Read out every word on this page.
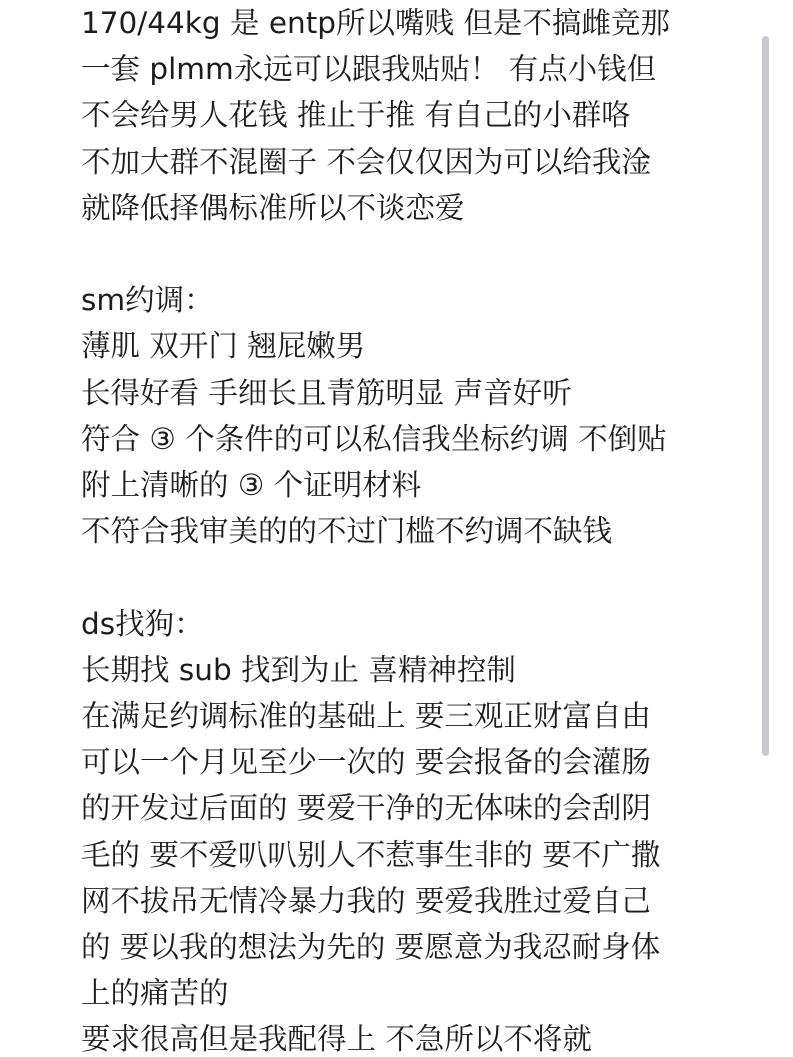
170/44kg 是 entp所以嘴贱 但是不搞雌竞那

一套 plmm永远可以跟我贴贴！ 有点小钱但

不会给男人花钱 推止于推 有自己的小群咯

不加大群不混圈子 不会仅仅因为可以给我淦

就降低择偶标准所以不谈恋爱

sm约调：

薄肌 双开门 翘屁嫩男

长得好看 手细长且青筋明显 声音好听

符合 ③ 个条件的可以私信我坐标约调 不倒贴

附上清晰的 ③ 个证明材料

不符合我审美的的不过门槛不约调不缺钱

ds找狗：

长期找 sub 找到为止 喜精神控制

在满足约调标准的基础上 要三观正财富自由

可以一个月见至少一次的 要会报备的会灌肠

的开发过后面的 要爱干净的无体味的会刮阴

毛的 要不爱叭叭别人不惹事生非的 要不广撒

网不拔吊无情冷暴力我的 要爱我胜过爱自己

的 要以我的想法为先的 要愿意为我忍耐身体

上的痛苦的

要求很高但是我配得上 不急所以不将就
